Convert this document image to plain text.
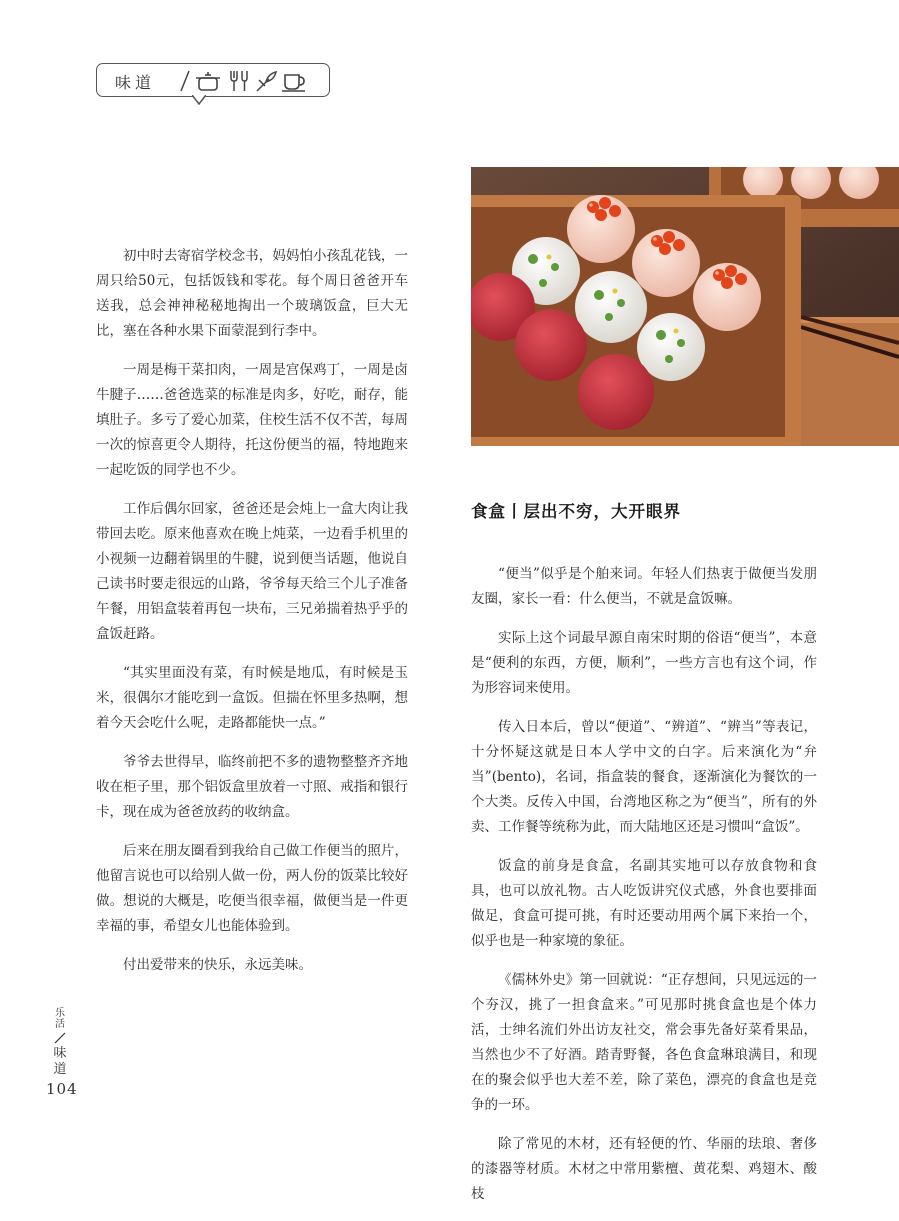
味道

初中时去寄宿学校念书，妈妈怕小孩乱花钱，一周只给50元，包括饭钱和零花。每个周日爸爸开车送我，总会神神秘秘地掏出一个玻璃饭盒，巨大无比，塞在各种水果下面蒙混到行李中。

一周是梅干菜扣肉，一周是宫保鸡丁，一周是卤牛腱子……爸爸选菜的标准是肉多，好吃，耐存，能填肚子。多亏了爱心加菜，住校生活不仅不苦，每周一次的惊喜更令人期待，托这份便当的福，特地跑来一起吃饭的同学也不少。

工作后偶尔回家，爸爸还是会炖上一盒大肉让我带回去吃。原来他喜欢在晚上炖菜，一边看手机里的小视频一边翻着锅里的牛腱，说到便当话题，他说自己读书时要走很远的山路，爷爷每天给三个儿子准备午餐，用铝盒装着再包一块布，三兄弟揣着热乎乎的盒饭赶路。

“其实里面没有菜，有时候是地瓜，有时候是玉米，很偶尔才能吃到一盒饭。但揣在怀里多热啊，想着今天会吃什么呢，走路都能快一点。”

爷爷去世得早，临终前把不多的遗物整整齐齐地收在柜子里，那个铝饭盒里放着一寸照、戒指和银行卡，现在成为爸爸放药的收纳盒。

后来在朋友圈看到我给自己做工作便当的照片，他留言说也可以给别人做一份，两人份的饭菜比较好做。想说的大概是，吃便当很幸福，做便当是一件更幸福的事，希望女儿也能体验到。

付出爱带来的快乐，永远美味。

食盒丨层出不穷，大开眼界

“便当”似乎是个舶来词。年轻人们热衷于做便当发朋友圈，家长一看：什么便当，不就是盒饭嘛。

实际上这个词最早源自南宋时期的俗语“便当”，本意是“便利的东西，方便，顺利”，一些方言也有这个词，作为形容词来使用。

传入日本后，曾以“便道”、“辨道”、“辨当”等表记，十分怀疑这就是日本人学中文的白字。后来演化为“弁当”(bento)，名词，指盒装的餐食，逐渐演化为餐饮的一个大类。反传入中国，台湾地区称之为“便当”，所有的外卖、工作餐等统称为此，而大陆地区还是习惯叫“盒饭”。

饭盒的前身是食盒，名副其实地可以存放食物和食具，也可以放礼物。古人吃饭讲究仪式感，外食也要排面做足，食盒可提可挑，有时还要动用两个属下来抬一个，似乎也是一种家境的象征。

《儒林外史》第一回就说：“正存想间，只见远远的一个夯汉，挑了一担食盒来。”可见那时挑食盒也是个体力活，士绅名流们外出访友社交，常会事先备好菜肴果品，当然也少不了好酒。踏青野餐，各色食盒琳琅满目，和现在的聚会似乎也大差不差，除了菜色，漂亮的食盒也是竞争的一环。

除了常见的木材，还有轻便的竹、华丽的珐琅、奢侈的漆器等材质。木材之中常用紫檀、黄花梨、鸡翅木、酸枝

乐
活
味
道
104
